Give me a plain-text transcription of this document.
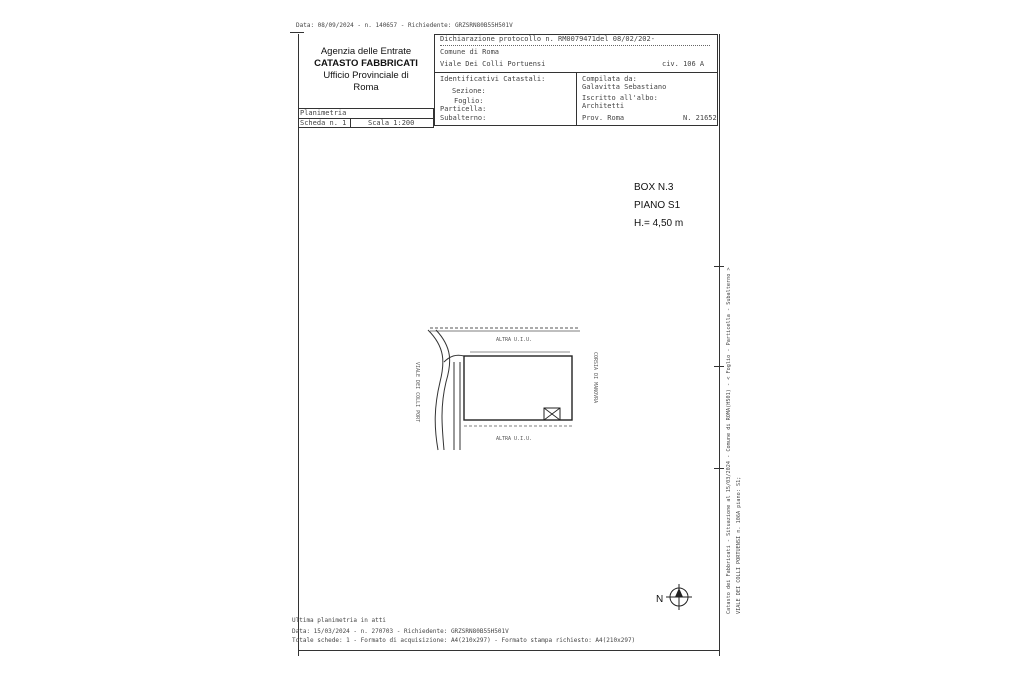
Data: 08/09/2024 - n. 140657 - Richiedente: GRZSRN80B55H501V
Agenzia delle Entrate
CATASTO FABBRICATI
Ufficio Provinciale di
Roma
Dichiarazione protocollo n. RM0079471del 08/02/202-
Comune di Roma
Viale Dei Colli Portuensi	civ. 106 A
Identificativi Catastali:
Sezione:
Foglio:
Particella:
Subalterno:
Compilata da:
Galavitta Sebastiano
Iscritto all'albo:
Architetti
Prov. Roma	N. 21652
Planimetria
Scheda n. 1	Scala 1:200
BOX N.3
PIANO S1
H.= 4,50 m
ALTRA U.I.U.
ALTRA U.I.U.
VIALE DEI COLLI PORT	CORSIA DI MANOVRA
N
Ultima planimetria in atti
Data: 15/03/2024 - n. 270703 - Richiedente: GRZSRN80B55H501V
Totale schede: 1 - Formato di acquisizione: A4(210x297) - Formato stampa richiesto: A4(210x297)
Catasto dei Fabbricati - Situazione al 15/03/2024 - Comune di ROMA(H501) - < Foglio - Particella - Subalterno > VIALE DEI COLLI PORTUENSI n. 106A piano: S1;
